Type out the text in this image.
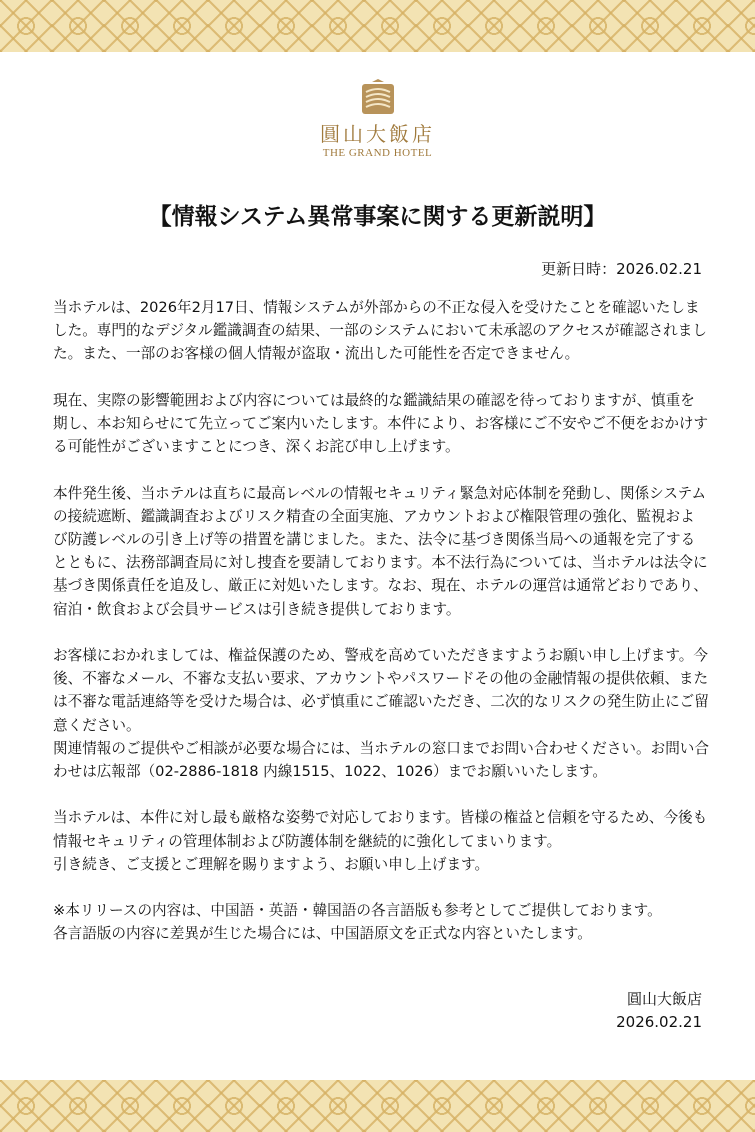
圓山大飯店
THE GRAND HOTEL
【情報システム異常事案に関する更新説明】
更新日時：2026.02.21

当ホテルは、2026年2月17日、情報システムが外部からの不正な侵入を受けたことを確認いたしました。専門的なデジタル鑑識調査の結果、一部のシステムにおいて未承認のアクセスが確認されました。また、一部のお客様の個人情報が盗取・流出した可能性を否定できません。

現在、実際の影響範囲および内容については最終的な鑑識結果の確認を待っておりますが、慎重を期し、本お知らせにて先立ってご案内いたします。本件により、お客様にご不安やご不便をおかけする可能性がございますことにつき、深くお詫び申し上げます。

本件発生後、当ホテルは直ちに最高レベルの情報セキュリティ緊急対応体制を発動し、関係システムの接続遮断、鑑識調査およびリスク精査の全面実施、アカウントおよび権限管理の強化、監視および防護レベルの引き上げ等の措置を講じました。また、法令に基づき関係当局への通報を完了するとともに、法務部調査局に対し捜査を要請しております。本不法行為については、当ホテルは法令に基づき関係責任を追及し、厳正に対処いたします。なお、現在、ホテルの運営は通常どおりであり、宿泊・飲食および会員サービスは引き続き提供しております。

お客様におかれましては、権益保護のため、警戒を高めていただきますようお願い申し上げます。今後、不審なメール、不審な支払い要求、アカウントやパスワードその他の金融情報の提供依頼、または不審な電話連絡等を受けた場合は、必ず慎重にご確認いただき、二次的なリスクの発生防止にご留意ください。

関連情報のご提供やご相談が必要な場合には、当ホテルの窓口までお問い合わせください。お問い合わせは広報部（02-2886-1818 内線1515、1022、1026）までお願いいたします。

当ホテルは、本件に対し最も厳格な姿勢で対応しております。皆様の権益と信頼を守るため、今後も情報セキュリティの管理体制および防護体制を継続的に強化してまいります。

引き続き、ご支援とご理解を賜りますよう、お願い申し上げます。

※本リリースの内容は、中国語・英語・韓国語の各言語版も参考としてご提供しております。

各言語版の内容に差異が生じた場合には、中国語原文を正式な内容といたします。

圓山大飯店
2026.02.21
